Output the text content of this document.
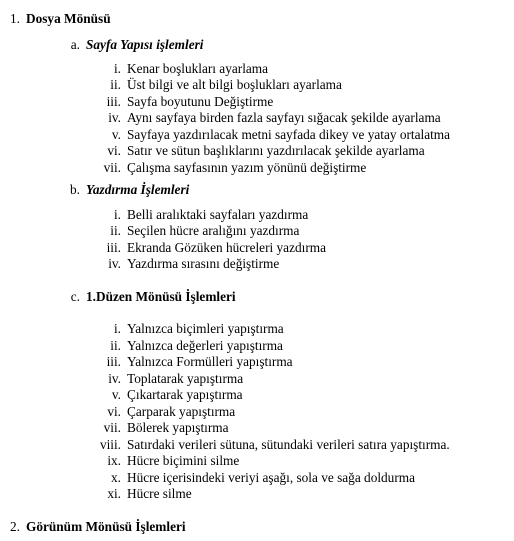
1. Dosya Mönüsü
a. Sayfa Yapısı işlemleri
i. Kenar boşlukları ayarlama
ii. Üst bilgi ve alt bilgi boşlukları ayarlama
iii. Sayfa boyutunu Değiştirme
iv. Aynı sayfaya birden fazla sayfayı sığacak şekilde ayarlama
v. Sayfaya yazdırılacak metni sayfada dikey ve yatay ortalatma
vi. Satır ve sütun başlıklarını yazdırılacak şekilde ayarlama
vii. Çalışma sayfasının yazım yönünü değiştirme
b. Yazdırma İşlemleri
i. Belli aralıktaki sayfaları yazdırma
ii. Seçilen hücre aralığını yazdırma
iii. Ekranda Gözüken hücreleri yazdırma
iv. Yazdırma sırasını değiştirme
c. 1.Düzen Mönüsü İşlemleri
i. Yalnızca biçimleri yapıştırma
ii. Yalnızca değerleri yapıştırma
iii. Yalnızca Formülleri yapıştırma
iv. Toplatarak yapıştırma
v. Çıkartarak yapıştırma
vi. Çarparak yapıştırma
vii. Bölerek yapıştırma
viii. Satırdaki verileri sütuna, sütundaki verileri satıra yapıştırma.
ix. Hücre biçimini silme
x. Hücre içerisindeki veriyi aşağı, sola ve sağa doldurma
xi. Hücre silme
2. Görünüm Mönüsü İşlemleri
